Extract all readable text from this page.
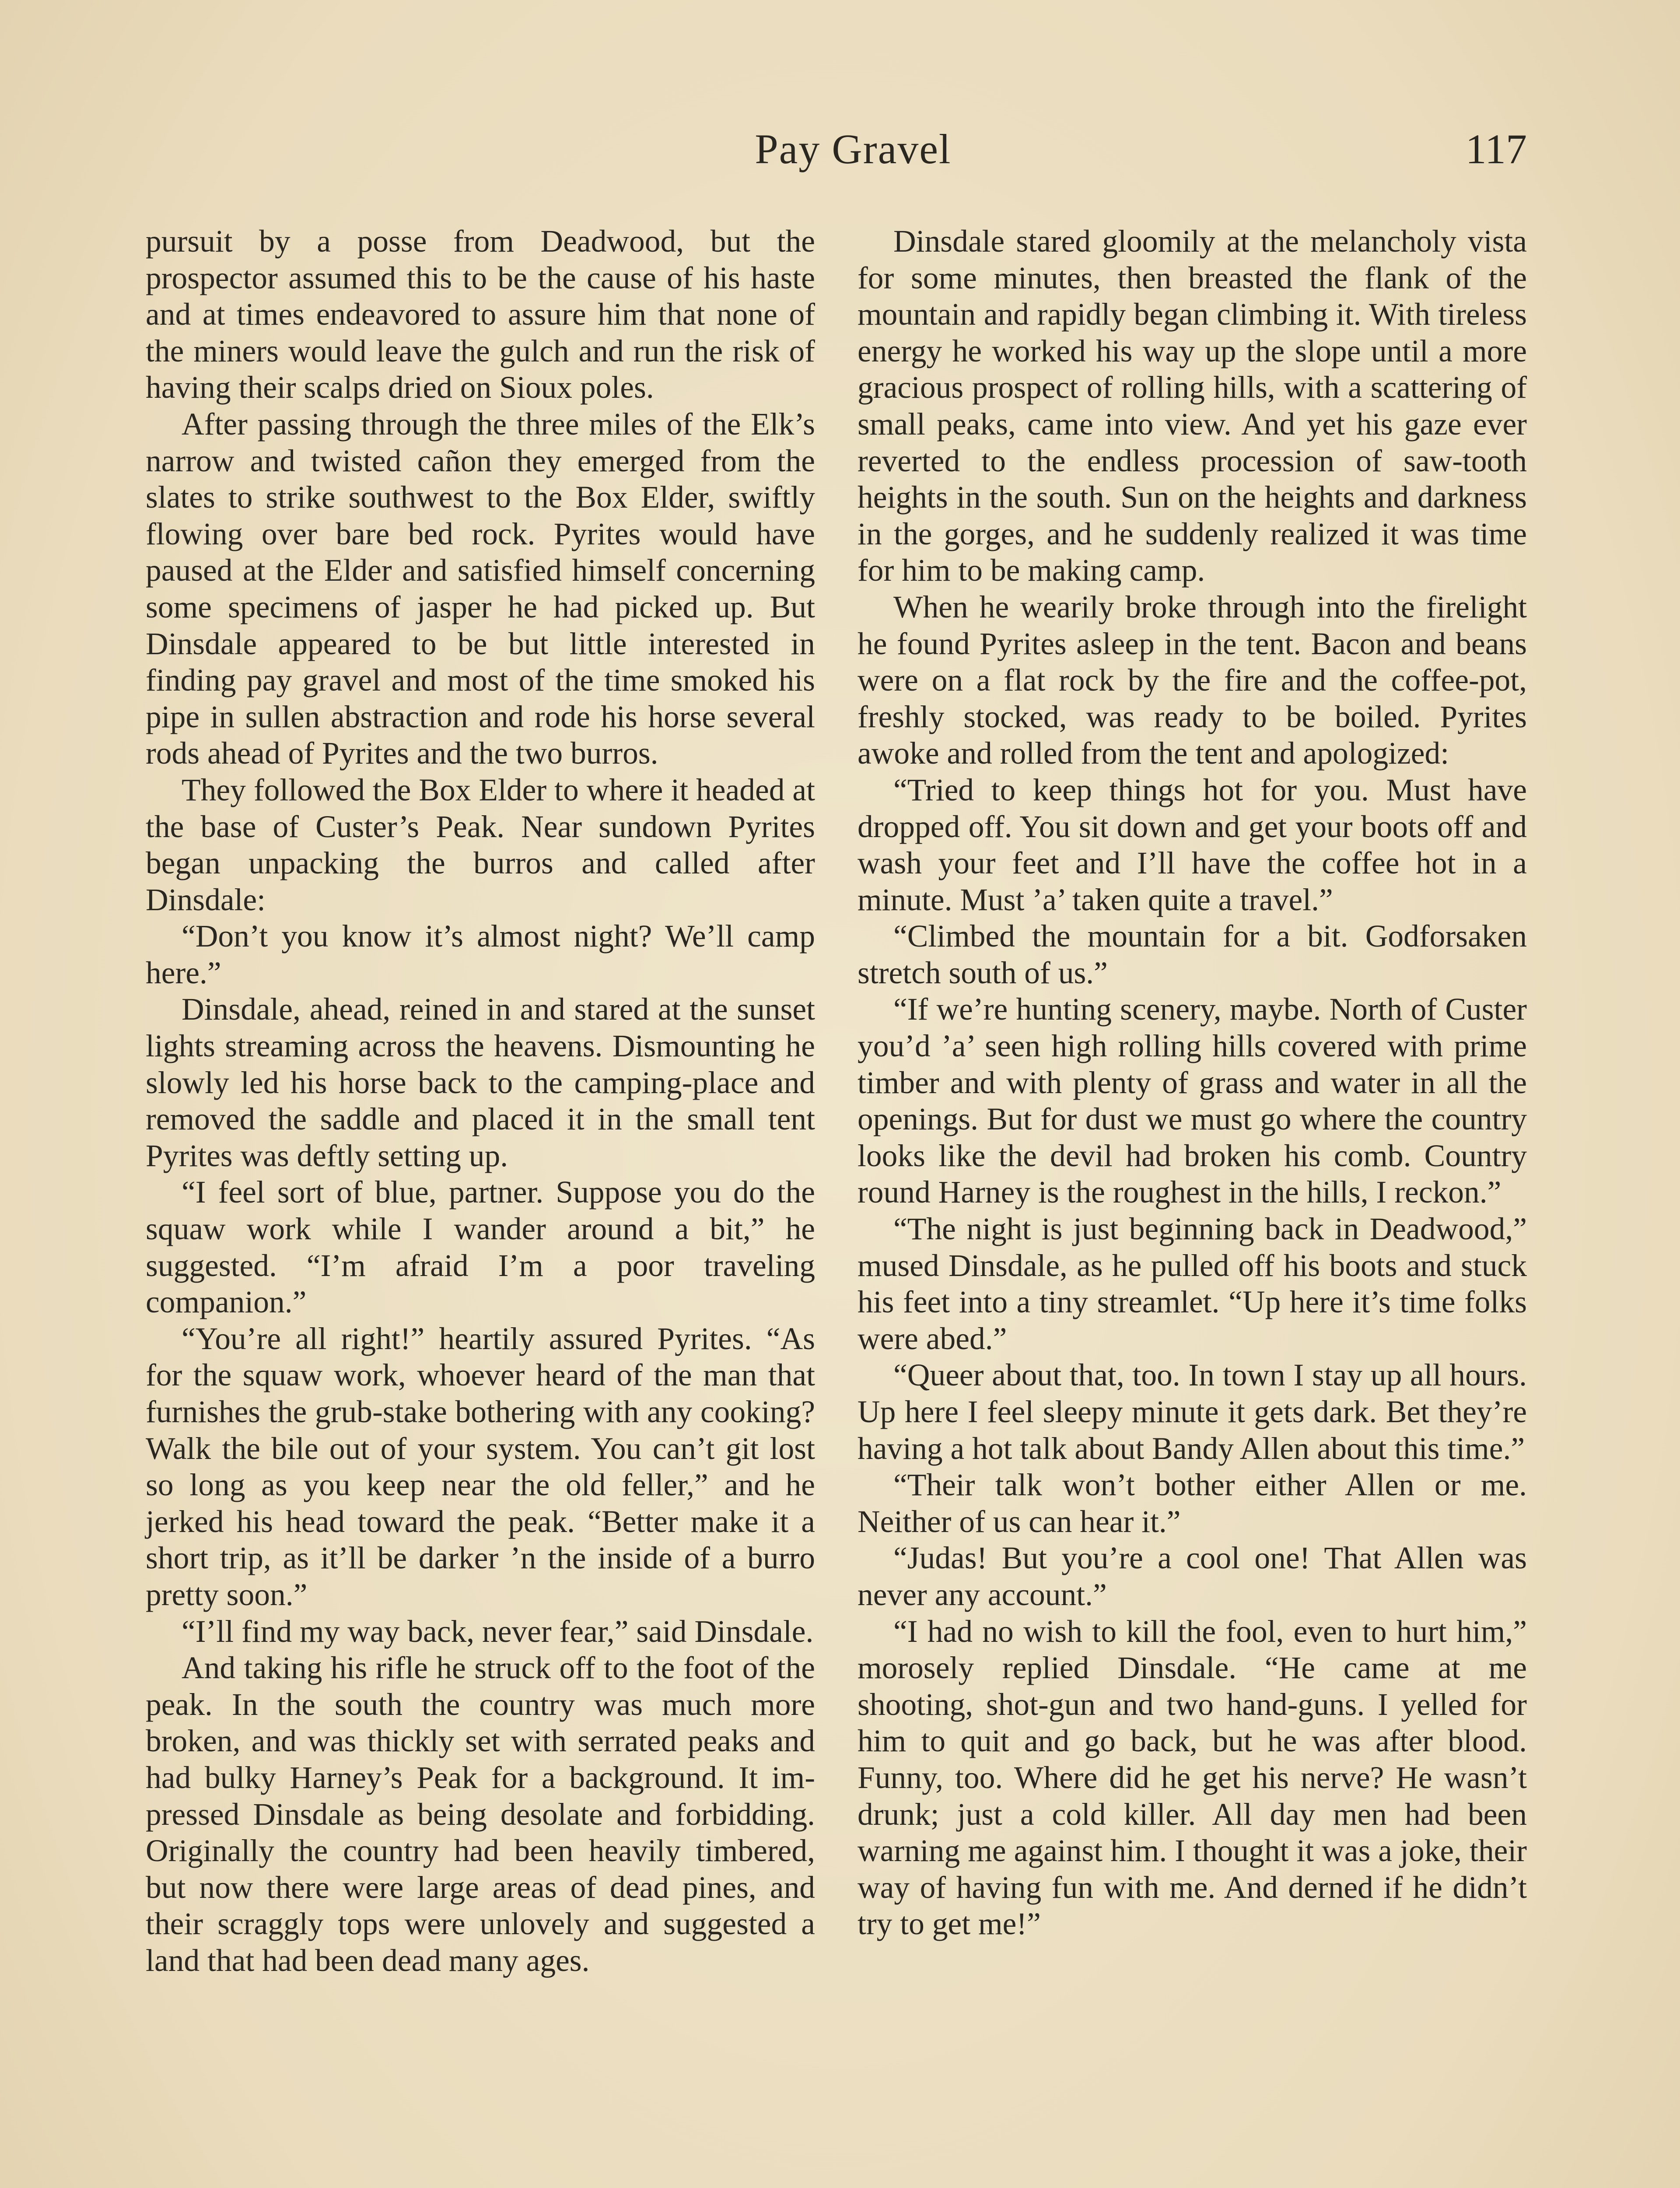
Pay Gravel	117

pursuit by a posse from Deadwood, but the prospector assumed this to be the cause of his haste and at times endeavored to assure him that none of the miners would leave the gulch and run the risk of having their scalps dried on Sioux poles.

After passing through the three miles of the Elk’s narrow and twisted cañon they emerged from the slates to strike southwest to the Box Elder, swiftly flowing over bare bed rock. Pyrites would have paused at the Elder and satisfied himself concerning some specimens of jasper he had picked up. But Dinsdale appeared to be but little interested in finding pay gravel and most of the time smoked his pipe in sullen abstraction and rode his horse several rods ahead of Pyrites and the two burros.

They followed the Box Elder to where it headed at the base of Custer’s Peak. Near sundown Pyrites began unpacking the burros and called after Dinsdale:

“Don’t you know it’s almost night? We’ll camp here.”

Dinsdale, ahead, reined in and stared at the sunset lights streaming across the heavens. Dismounting he slowly led his horse back to the camping-place and removed the saddle and placed it in the small tent Pyrites was deftly setting up.

“I feel sort of blue, partner. Suppose you do the squaw work while I wander around a bit,” he suggested. “I’m afraid I’m a poor traveling companion.”

“You’re all right!” heartily assured Pyrites. “As for the squaw work, whoever heard of the man that furnishes the grub-stake bothering with any cooking? Walk the bile out of your system. You can’t git lost so long as you keep near the old feller,” and he jerked his head toward the peak. “Better make it a short trip, as it’ll be darker ’n the inside of a burro pretty soon.”

“I’ll find my way back, never fear,” said Dinsdale.

And taking his rifle he struck off to the foot of the peak. In the south the country was much more broken, and was thickly set with serrated peaks and had bulky Harney’s Peak for a background. It impressed Dinsdale as being desolate and forbidding. Originally the country had been heavily timbered, but now there were large areas of dead pines, and their scraggly tops were unlovely and suggested a land that had been dead many ages.

Dinsdale stared gloomily at the melancholy vista for some minutes, then breasted the flank of the mountain and rapidly began climbing it. With tireless energy he worked his way up the slope until a more gracious prospect of rolling hills, with a scattering of small peaks, came into view. And yet his gaze ever reverted to the endless procession of saw-tooth heights in the south. Sun on the heights and darkness in the gorges, and he suddenly realized it was time for him to be making camp.

When he wearily broke through into the firelight he found Pyrites asleep in the tent. Bacon and beans were on a flat rock by the fire and the coffee-pot, freshly stocked, was ready to be boiled. Pyrites awoke and rolled from the tent and apologized:

“Tried to keep things hot for you. Must have dropped off. You sit down and get your boots off and wash your feet and I’ll have the coffee hot in a minute. Must ’a’ taken quite a travel.”

“Climbed the mountain for a bit. Godforsaken stretch south of us.”

“If we’re hunting scenery, maybe. North of Custer you’d ’a’ seen high rolling hills covered with prime timber and with plenty of grass and water in all the openings. But for dust we must go where the country looks like the devil had broken his comb. Country round Harney is the roughest in the hills, I reckon.”

“The night is just beginning back in Deadwood,” mused Dinsdale, as he pulled off his boots and stuck his feet into a tiny streamlet. “Up here it’s time folks were abed.”

“Queer about that, too. In town I stay up all hours. Up here I feel sleepy minute it gets dark. Bet they’re having a hot talk about Bandy Allen about this time.”

“Their talk won’t bother either Allen or me. Neither of us can hear it.”

“Judas! But you’re a cool one! That Allen was never any account.”

“I had no wish to kill the fool, even to hurt him,” morosely replied Dinsdale. “He came at me shooting, shot-gun and two hand-guns. I yelled for him to quit and go back, but he was after blood. Funny, too. Where did he get his nerve? He wasn’t drunk; just a cold killer. All day men had been warning me against him. I thought it was a joke, their way of having fun with me. And derned if he didn’t try to get me!”
